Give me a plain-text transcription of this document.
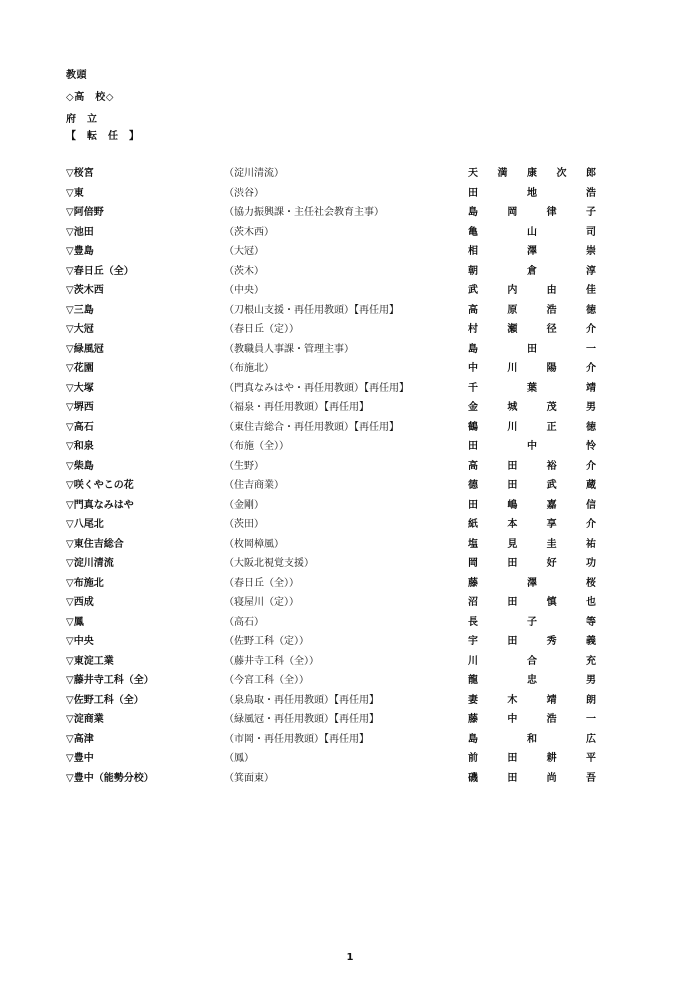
教頭
◇高　校◇
府　立
【　転　任　】
▽桜宮	（淀川清流）	天 満 康 次 郎
▽東	（渋谷）	田	地	浩
▽阿倍野	（協力振興課・主任社会教育主事）	島	岡	律	子
▽池田	（茨木西）	亀	山	司
▽豊島	（大冠）	相	澤	崇
▽春日丘（全）	（茨木）	朝	倉	淳
▽茨木西	（中央）	武	内	由	佳
▽三島	（刀根山支援・再任用教頭）【再任用】	高	原	浩	徳
▽大冠	（春日丘（定））	村	瀬	径	介
▽緑風冠	（教職員人事課・管理主事）	島	田	一
▽花園	（布施北）	中	川	陽	介
▽大塚	（門真なみはや・再任用教頭）【再任用】	千	葉	靖
▽堺西	（福泉・再任用教頭）【再任用】	金	城	茂	男
▽高石	（東住吉総合・再任用教頭）【再任用】	鶴	川	正	徳
▽和泉	（布施（全））	田	中	怜
▽柴島	（生野）	高	田	裕	介
▽咲くやこの花	（住吉商業）	德	田	武	蔵
▽門真なみはや	（金剛）	田	嶋	嘉	信
▽八尾北	（茨田）	紙	本	享	介
▽東住吉総合	（枚岡樟風）	塩	見	圭	祐
▽淀川清流	（大阪北視覚支援）	岡	田	好	功
▽布施北	（春日丘（全））	藤	澤	桜
▽西成	（寝屋川（定））	沼	田	慎	也
▽鳳	（高石）	長	子	等
▽中央	（佐野工科（定））	宇	田	秀	義
▽東淀工業	（藤井寺工科（全））	川	合	充
▽藤井寺工科（全）	（今宮工科（全））	龍	忠	男
▽佐野工科（全）	（泉鳥取・再任用教頭）【再任用】	妻	木	靖	朗
▽淀商業	（緑風冠・再任用教頭）【再任用】	藤	中	浩	一
▽高津	（市岡・再任用教頭）【再任用】	島	和	広
▽豊中	（鳳）	前	田	耕	平
▽豊中（能勢分校）	（箕面東）	磯	田	尚	吾
1
